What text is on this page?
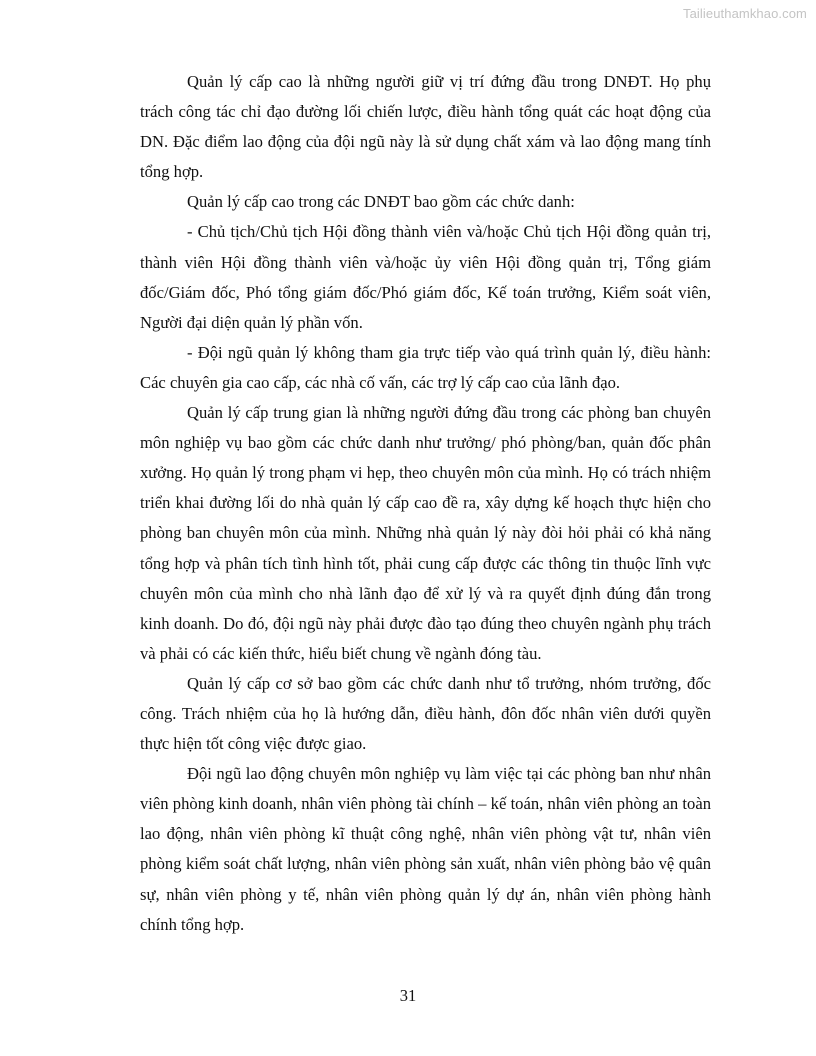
Tailieuthamkhao.com

Quản lý cấp cao là những người giữ vị trí đứng đầu trong DNĐT. Họ phụ trách công tác chỉ đạo đường lối chiến lược, điều hành tổng quát các hoạt động của DN. Đặc điểm lao động của đội ngũ này là sử dụng chất xám và lao động mang tính tổng hợp.

Quản lý cấp cao trong các DNĐT bao gồm các chức danh:

- Chủ tịch/Chủ tịch Hội đồng thành viên và/hoặc Chủ tịch Hội đồng quản trị, thành viên Hội đồng thành viên và/hoặc ủy viên Hội đồng quản trị, Tổng giám đốc/Giám đốc, Phó tổng giám đốc/Phó giám đốc, Kế toán trưởng, Kiểm soát viên, Người đại diện quản lý phần vốn.

- Đội ngũ quản lý không tham gia trực tiếp vào quá trình quản lý, điều hành: Các chuyên gia cao cấp, các nhà cố vấn, các trợ lý cấp cao của lãnh đạo.

Quản lý cấp trung gian là những người đứng đầu trong các phòng ban chuyên môn nghiệp vụ bao gồm các chức danh như trưởng/ phó phòng/ban, quản đốc phân xưởng. Họ quản lý trong phạm vi hẹp, theo chuyên môn của mình. Họ có trách nhiệm triển khai đường lối do nhà quản lý cấp cao đề ra, xây dựng kế hoạch thực hiện cho phòng ban chuyên môn của mình. Những nhà quản lý này đòi hỏi phải có khả năng tổng hợp và phân tích tình hình tốt, phải cung cấp được các thông tin thuộc lĩnh vực chuyên môn của mình cho nhà lãnh đạo để xử lý và ra quyết định đúng đắn trong kinh doanh. Do đó, đội ngũ này phải được đào tạo đúng theo chuyên ngành phụ trách và phải có các kiến thức, hiểu biết chung về ngành đóng tàu.

Quản lý cấp cơ sở bao gồm các chức danh như tổ trưởng, nhóm trưởng, đốc công. Trách nhiệm của họ là hướng dẫn, điều hành, đôn đốc nhân viên dưới quyền thực hiện tốt công việc được giao.

Đội ngũ lao động chuyên môn nghiệp vụ làm việc tại các phòng ban như nhân viên phòng kinh doanh, nhân viên phòng tài chính – kế toán, nhân viên phòng an toàn lao động, nhân viên phòng kĩ thuật công nghệ, nhân viên phòng vật tư, nhân viên phòng kiểm soát chất lượng, nhân viên phòng sản xuất, nhân viên phòng bảo vệ quân sự, nhân viên phòng y tế, nhân viên phòng quản lý dự án, nhân viên phòng hành chính tổng hợp.

31
